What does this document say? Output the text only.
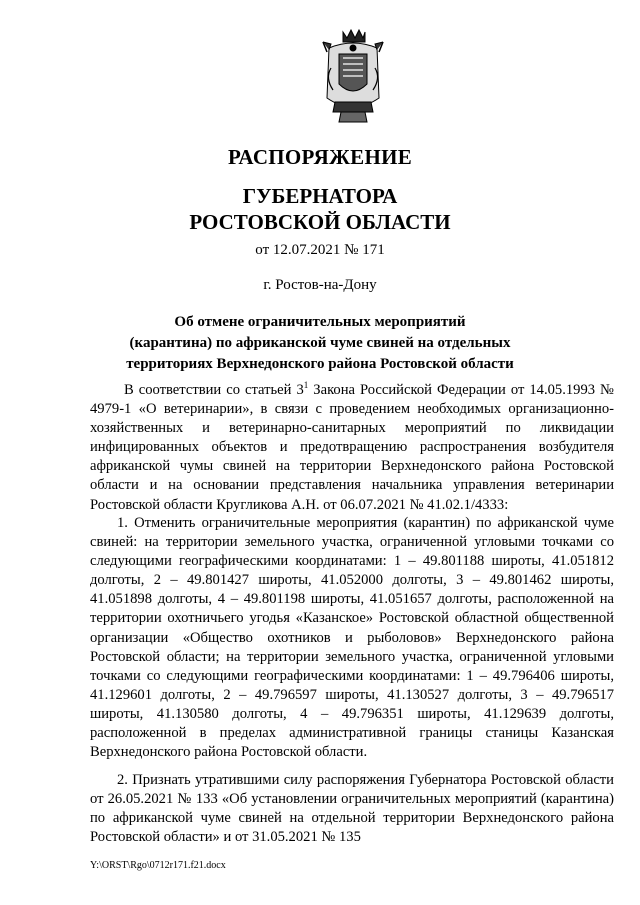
РАСПОРЯЖЕНИЕ
ГУБЕРНАТОРА
РОСТОВСКОЙ ОБЛАСТИ
от 12.07.2021 № 171
г. Ростов-на-Дону
Об отмене ограничительных мероприятий
(карантина) по африканской чуме свиней на отдельных
территориях Верхнедонского района Ростовской области

В соответствии со статьей $3^1$ Закона Российской Федерации от 14.05.1993 № 4979-1 «О ветеринарии», в связи с проведением необходимых организационно-хозяйственных и ветеринарно-санитарных мероприятий по ликвидации инфицированных объектов и предотвращению распространения возбудителя африканской чумы свиней на территории Верхнедонского района Ростовской области и на основании представления начальника управления ветеринарии Ростовской области Кругликова А.Н. от 06.07.2021 № 41.02.1/4333:

1. Отменить ограничительные мероприятия (карантин) по африканской чуме свиней: на территории земельного участка, ограниченной угловыми точками со следующими географическими координатами: 1 – 49.801188 широты, 41.051812 долготы, 2 – 49.801427 широты, 41.052000 долготы, 3 – 49.801462 широты, 41.051898 долготы, 4 – 49.801198 широты, 41.051657 долготы, расположенной на территории охотничьего угодья «Казанское» Ростовской областной общественной организации «Общество охотников и рыболовов» Верхнедонского района Ростовской области; на территории земельного участка, ограниченной угловыми точками со следующими географическими координатами: 1 – 49.796406 широты, 41.129601 долготы, 2 – 49.796597 широты, 41.130527 долготы, 3 – 49.796517 широты, 41.130580 долготы, 4 – 49.796351 широты, 41.129639 долготы, расположенной в пределах административной границы станицы Казанская Верхнедонского района Ростовской области.

2. Признать утратившими силу распоряжения Губернатора Ростовской области от 26.05.2021 № 133 «Об установлении ограничительных мероприятий (карантина) по африканской чуме свиней на отдельной территории Верхнедонского района Ростовской области» и от 31.05.2021 № 135

Y:\ORST\Rgo\0712r171.f21.docx
